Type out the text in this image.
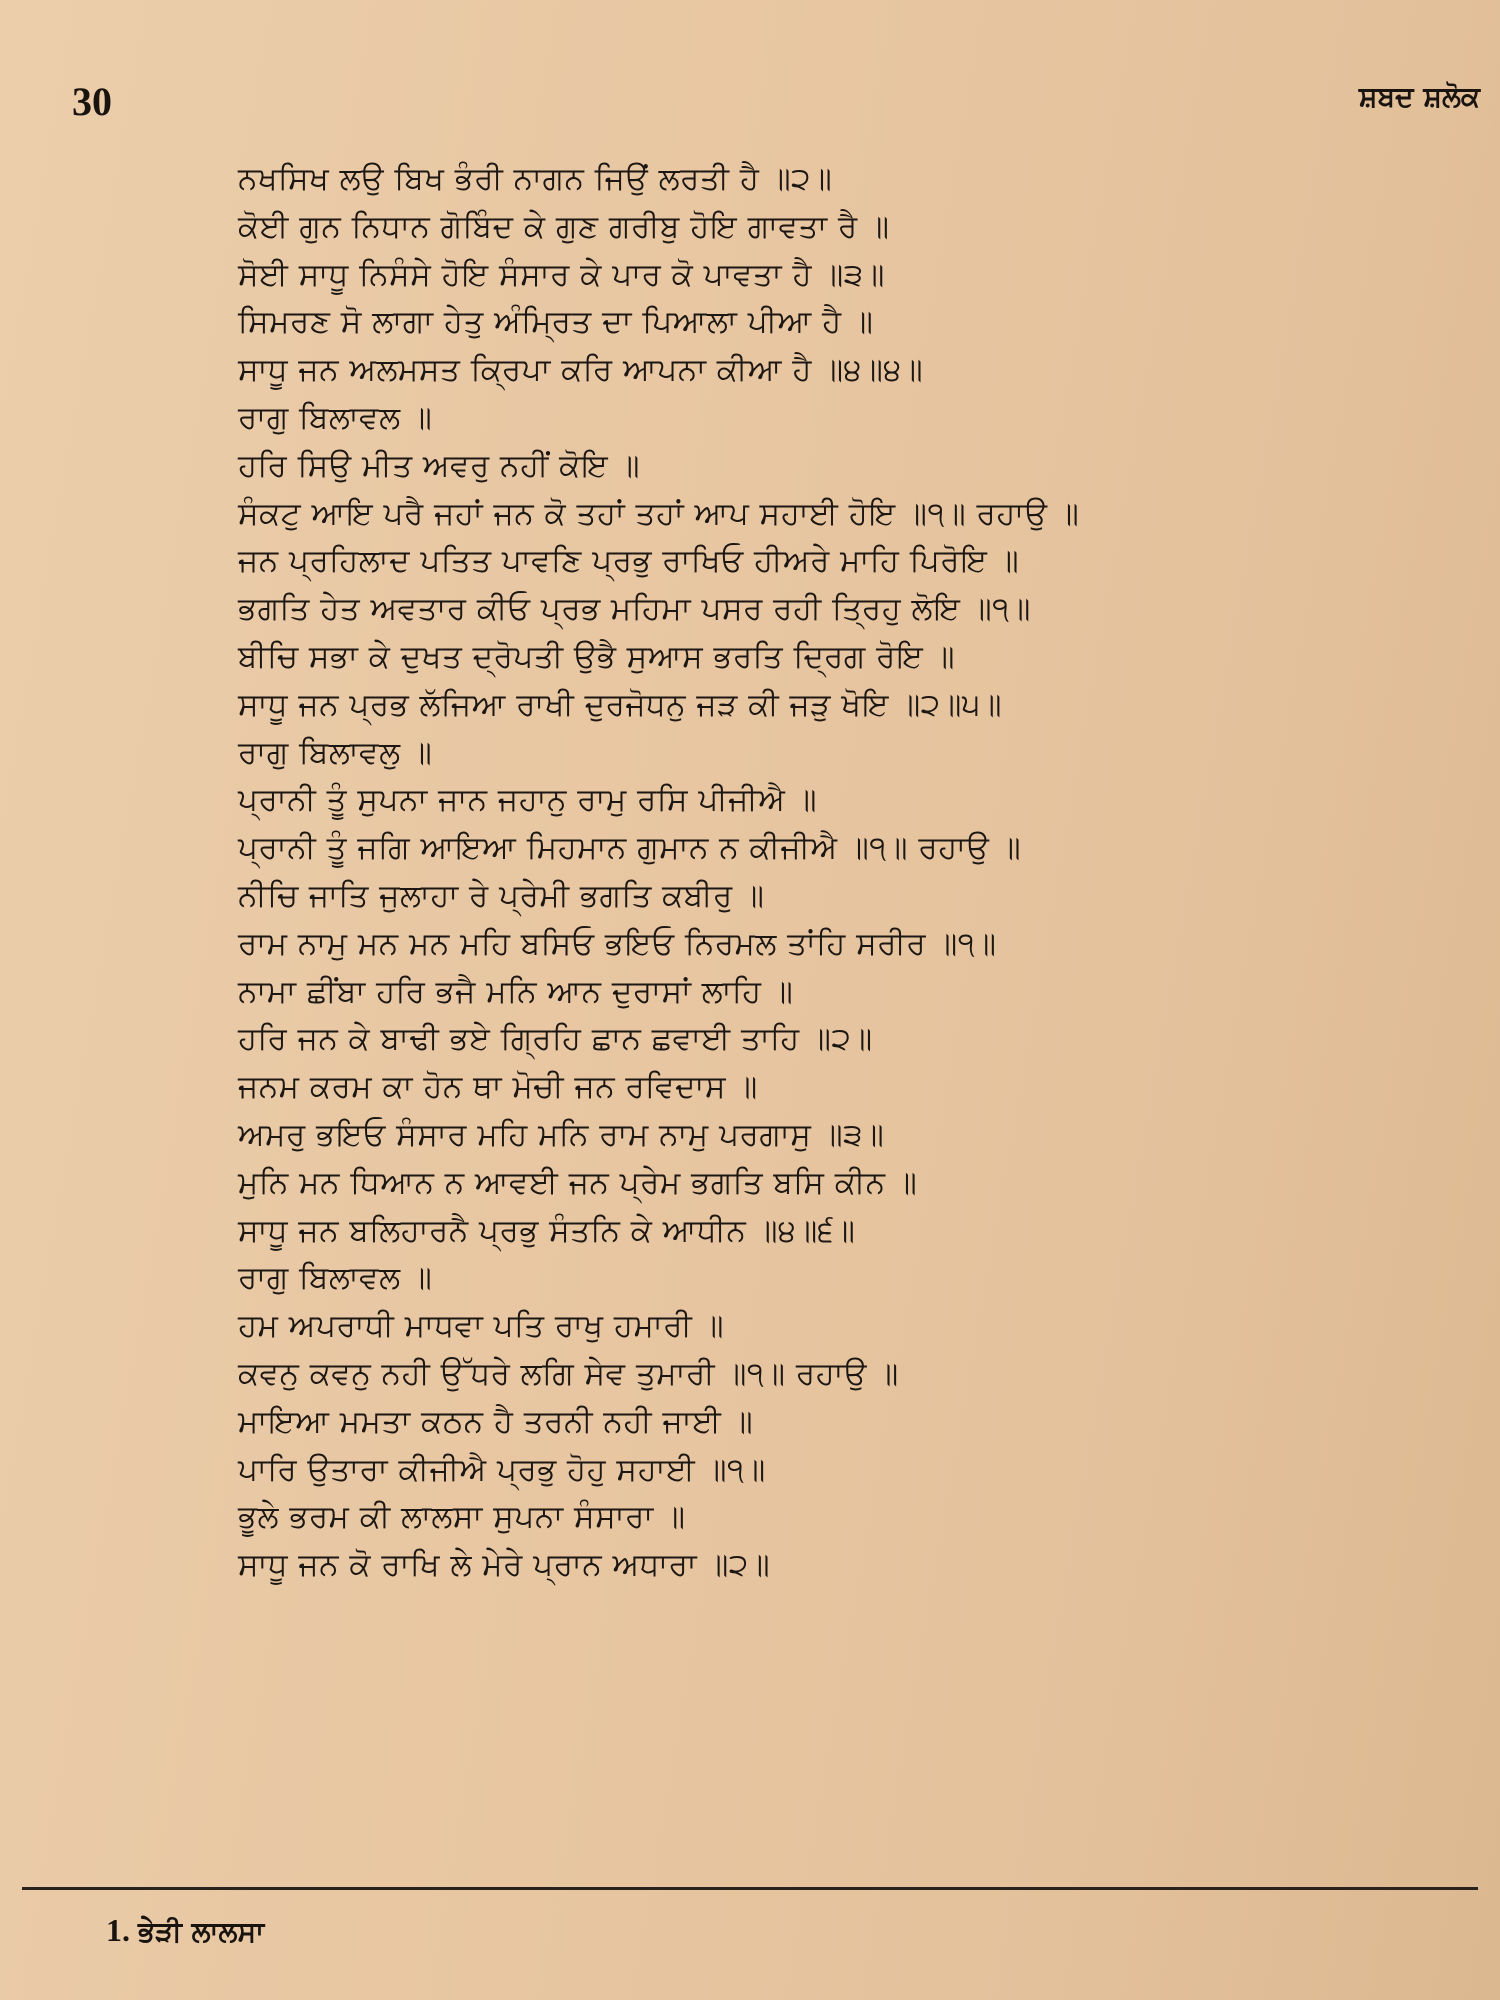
30	ਸ਼ਬਦ ਸ਼ਲੋਕ
ਨਖਸਿਖ ਲਉ ਬਿਖ ਭੰਰੀ ਨਾਗਨ ਜਿਉਂ ਲਰਤੀ ਹੈ ॥੨॥
ਕੋਈ ਗੁਨ ਨਿਧਾਨ ਗੋਬਿੰਦ ਕੇ ਗੁਣ ਗਰੀਬੁ ਹੋਇ ਗਾਵਤਾ ਰੈ ॥
ਸੋਈ ਸਾਧੂ ਨਿਸੰਸੇ ਹੋਇ ਸੰਸਾਰ ਕੇ ਪਾਰ ਕੋ ਪਾਵਤਾ ਹੈ ॥੩॥
ਸਿਮਰਣ ਸੋ ਲਾਗਾ ਹੇਤੁ ਅੰਮ੍ਰਿਤ ਦਾ ਪਿਆਲਾ ਪੀਆ ਹੈ ॥
ਸਾਧੂ ਜਨ ਅਲਮਸਤ ਕ੍ਰਿਪਾ ਕਰਿ ਆਪਨਾ ਕੀਆ ਹੈ ॥੪॥੪॥
ਰਾਗੁ ਬਿਲਾਵਲ ॥
ਹਰਿ ਸਿਉ ਮੀਤ ਅਵਰੁ ਨਹੀਂ ਕੋਇ ॥
ਸੰਕਟੁ ਆਇ ਪਰੈ ਜਹਾਂ ਜਨ ਕੋ ਤਹਾਂ ਤਹਾਂ ਆਪ ਸਹਾਈ ਹੋਇ ॥੧॥ ਰਹਾਉ ॥
ਜਨ ਪ੍ਰਹਿਲਾਦ ਪਤਿਤ ਪਾਵਣਿ ਪ੍ਰਭੁ ਰਾਖਿਓ ਹੀਅਰੇ ਮਾਹਿ ਪਿਰੋਇ ॥
ਭਗਤਿ ਹੇਤ ਅਵਤਾਰ ਕੀਓ ਪ੍ਰਭ ਮਹਿਮਾ ਪਸਰ ਰਹੀ ਤ੍ਰਿਹੁ ਲੋਇ ॥੧॥
ਬੀਚਿ ਸਭਾ ਕੇ ਦੁਖਤ ਦ੍ਰੋਪਤੀ ਉਭੈ ਸੁਆਸ ਭਰਤਿ ਦ੍ਰਿਗ ਰੋਇ ॥
ਸਾਧੂ ਜਨ ਪ੍ਰਭ ਲੱਜਿਆ ਰਾਖੀ ਦੁਰਜੋਧਨੁ ਜੜ ਕੀ ਜੜੁ ਖੋਇ ॥੨॥੫॥
ਰਾਗੁ ਬਿਲਾਵਲੁ ॥
ਪ੍ਰਾਨੀ ਤੂੰ ਸੁਪਨਾ ਜਾਨ ਜਹਾਨੁ ਰਾਮੁ ਰਸਿ ਪੀਜੀਐ ॥
ਪ੍ਰਾਨੀ ਤੂੰ ਜਗਿ ਆਇਆ ਮਿਹਮਾਨ ਗੁਮਾਨ ਨ ਕੀਜੀਐ ॥੧॥ ਰਹਾਉ ॥
ਨੀਚਿ ਜਾਤਿ ਜੁਲਾਹਾ ਰੇ ਪ੍ਰੇਮੀ ਭਗਤਿ ਕਬੀਰੁ ॥
ਰਾਮ ਨਾਮੁ ਮਨ ਮਨ ਮਹਿ ਬਸਿਓ ਭਇਓ ਨਿਰਮਲ ਤਾਂਹਿ ਸਰੀਰ ॥੧॥
ਨਾਮਾ ਛੀਂਬਾ ਹਰਿ ਭਜੈ ਮਨਿ ਆਨ ਦੁਰਾਸਾਂ ਲਾਹਿ ॥
ਹਰਿ ਜਨ ਕੇ ਬਾਢੀ ਭਏ ਗ੍ਰਿਹਿ ਛਾਨ ਛਵਾਈ ਤਾਹਿ ॥੨॥
ਜਨਮ ਕਰਮ ਕਾ ਹੋਨ ਥਾ ਮੋਚੀ ਜਨ ਰਵਿਦਾਸ ॥
ਅਮਰੁ ਭਇਓ ਸੰਸਾਰ ਮਹਿ ਮਨਿ ਰਾਮ ਨਾਮੁ ਪਰਗਾਸੁ ॥੩॥
ਮੁਨਿ ਮਨ ਧਿਆਨ ਨ ਆਵਈ ਜਨ ਪ੍ਰੇਮ ਭਗਤਿ ਬਸਿ ਕੀਨ ॥
ਸਾਧੂ ਜਨ ਬਲਿਹਾਰਨੈ ਪ੍ਰਭੁ ਸੰਤਨਿ ਕੇ ਆਧੀਨ ॥੪॥੬॥
ਰਾਗੁ ਬਿਲਾਵਲ ॥
ਹਮ ਅਪਰਾਧੀ ਮਾਧਵਾ ਪਤਿ ਰਾਖੁ ਹਮਾਰੀ ॥
ਕਵਨੁ ਕਵਨੁ ਨਹੀ ਉੱਧਰੇ ਲਗਿ ਸੇਵ ਤੁਮਾਰੀ ॥੧॥ ਰਹਾਉ ॥
ਮਾਇਆ ਮਮਤਾ ਕਠਨ ਹੈ ਤਰਨੀ ਨਹੀ ਜਾਈ ॥
ਪਾਰਿ ਉਤਾਰਾ ਕੀਜੀਐ ਪ੍ਰਭੁ ਹੋਹੁ ਸਹਾਈ ॥੧॥
ਭੂਲੇ ਭਰਮ ਕੀ ਲਾਲਸਾ ਸੁਪਨਾ ਸੰਸਾਰਾ ॥
ਸਾਧੂ ਜਨ ਕੋ ਰਾਖਿ ਲੇ ਮੇਰੇ ਪ੍ਰਾਨ ਅਧਾਰਾ ॥੨॥
1. ਭੇੜੀ ਲਾਲਸਾ
